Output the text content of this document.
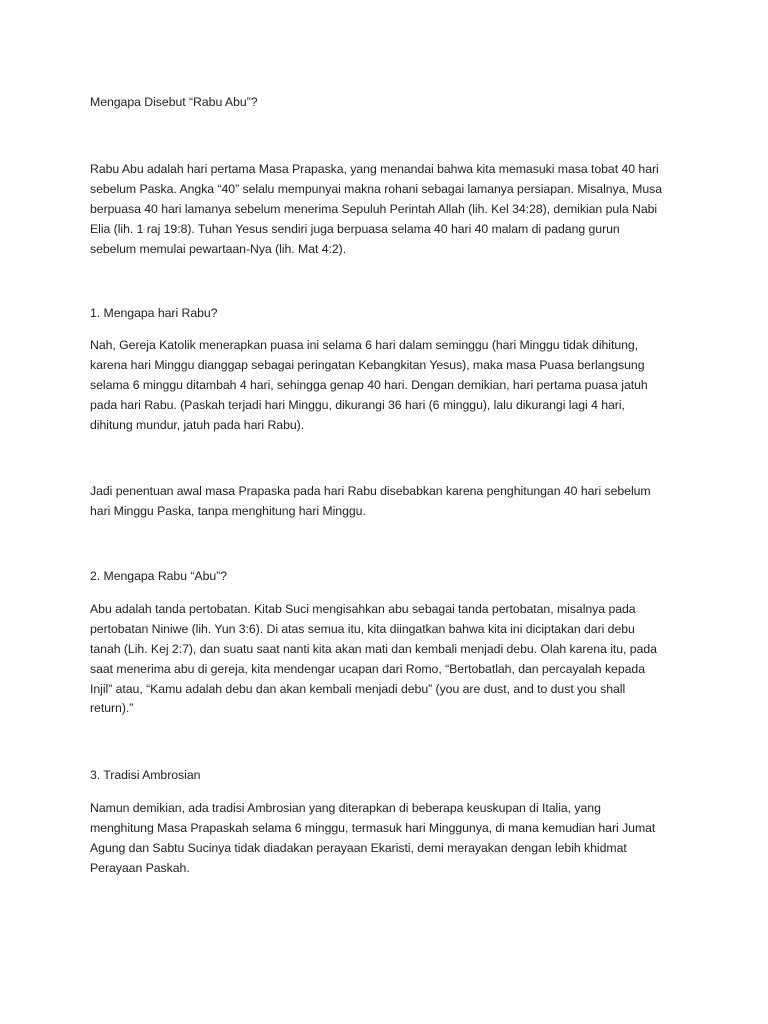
Mengapa Disebut “Rabu Abu”?
Rabu Abu adalah hari pertama Masa Prapaska, yang menandai bahwa kita memasuki masa tobat 40 hari
sebelum Paska. Angka “40” selalu mempunyai makna rohani sebagai lamanya persiapan. Misalnya, Musa
berpuasa 40 hari lamanya sebelum menerima Sepuluh Perintah Allah (lih. Kel 34:28), demikian pula Nabi
Elia (lih. 1 raj 19:8). Tuhan Yesus sendiri juga berpuasa selama 40 hari 40 malam di padang gurun
sebelum memulai pewartaan-Nya (lih. Mat 4:2).
1. Mengapa hari Rabu?
Nah, Gereja Katolik menerapkan puasa ini selama 6 hari dalam seminggu (hari Minggu tidak dihitung,
karena hari Minggu dianggap sebagai peringatan Kebangkitan Yesus), maka masa Puasa berlangsung
selama 6 minggu ditambah 4 hari, sehingga genap 40 hari. Dengan demikian, hari pertama puasa jatuh
pada hari Rabu. (Paskah terjadi hari Minggu, dikurangi 36 hari (6 minggu), lalu dikurangi lagi 4 hari,
dihitung mundur, jatuh pada hari Rabu).
Jadi penentuan awal masa Prapaska pada hari Rabu disebabkan karena penghitungan 40 hari sebelum
hari Minggu Paska, tanpa menghitung hari Minggu.
2. Mengapa Rabu “Abu”?
Abu adalah tanda pertobatan. Kitab Suci mengisahkan abu sebagai tanda pertobatan, misalnya pada
pertobatan Niniwe (lih. Yun 3:6). Di atas semua itu, kita diingatkan bahwa kita ini diciptakan dari debu
tanah (Lih. Kej 2:7), dan suatu saat nanti kita akan mati dan kembali menjadi debu. Olah karena itu, pada
saat menerima abu di gereja, kita mendengar ucapan dari Romo, “Bertobatlah, dan percayalah kepada
Injil” atau, “Kamu adalah debu dan akan kembali menjadi debu” (you are dust, and to dust you shall
return).”
3. Tradisi Ambrosian
Namun demikian, ada tradisi Ambrosian yang diterapkan di beberapa keuskupan di Italia, yang
menghitung Masa Prapaskah selama 6 minggu, termasuk hari Minggunya, di mana kemudian hari Jumat
Agung dan Sabtu Sucinya tidak diadakan perayaan Ekaristi, demi merayakan dengan lebih khidmat
Perayaan Paskah.
